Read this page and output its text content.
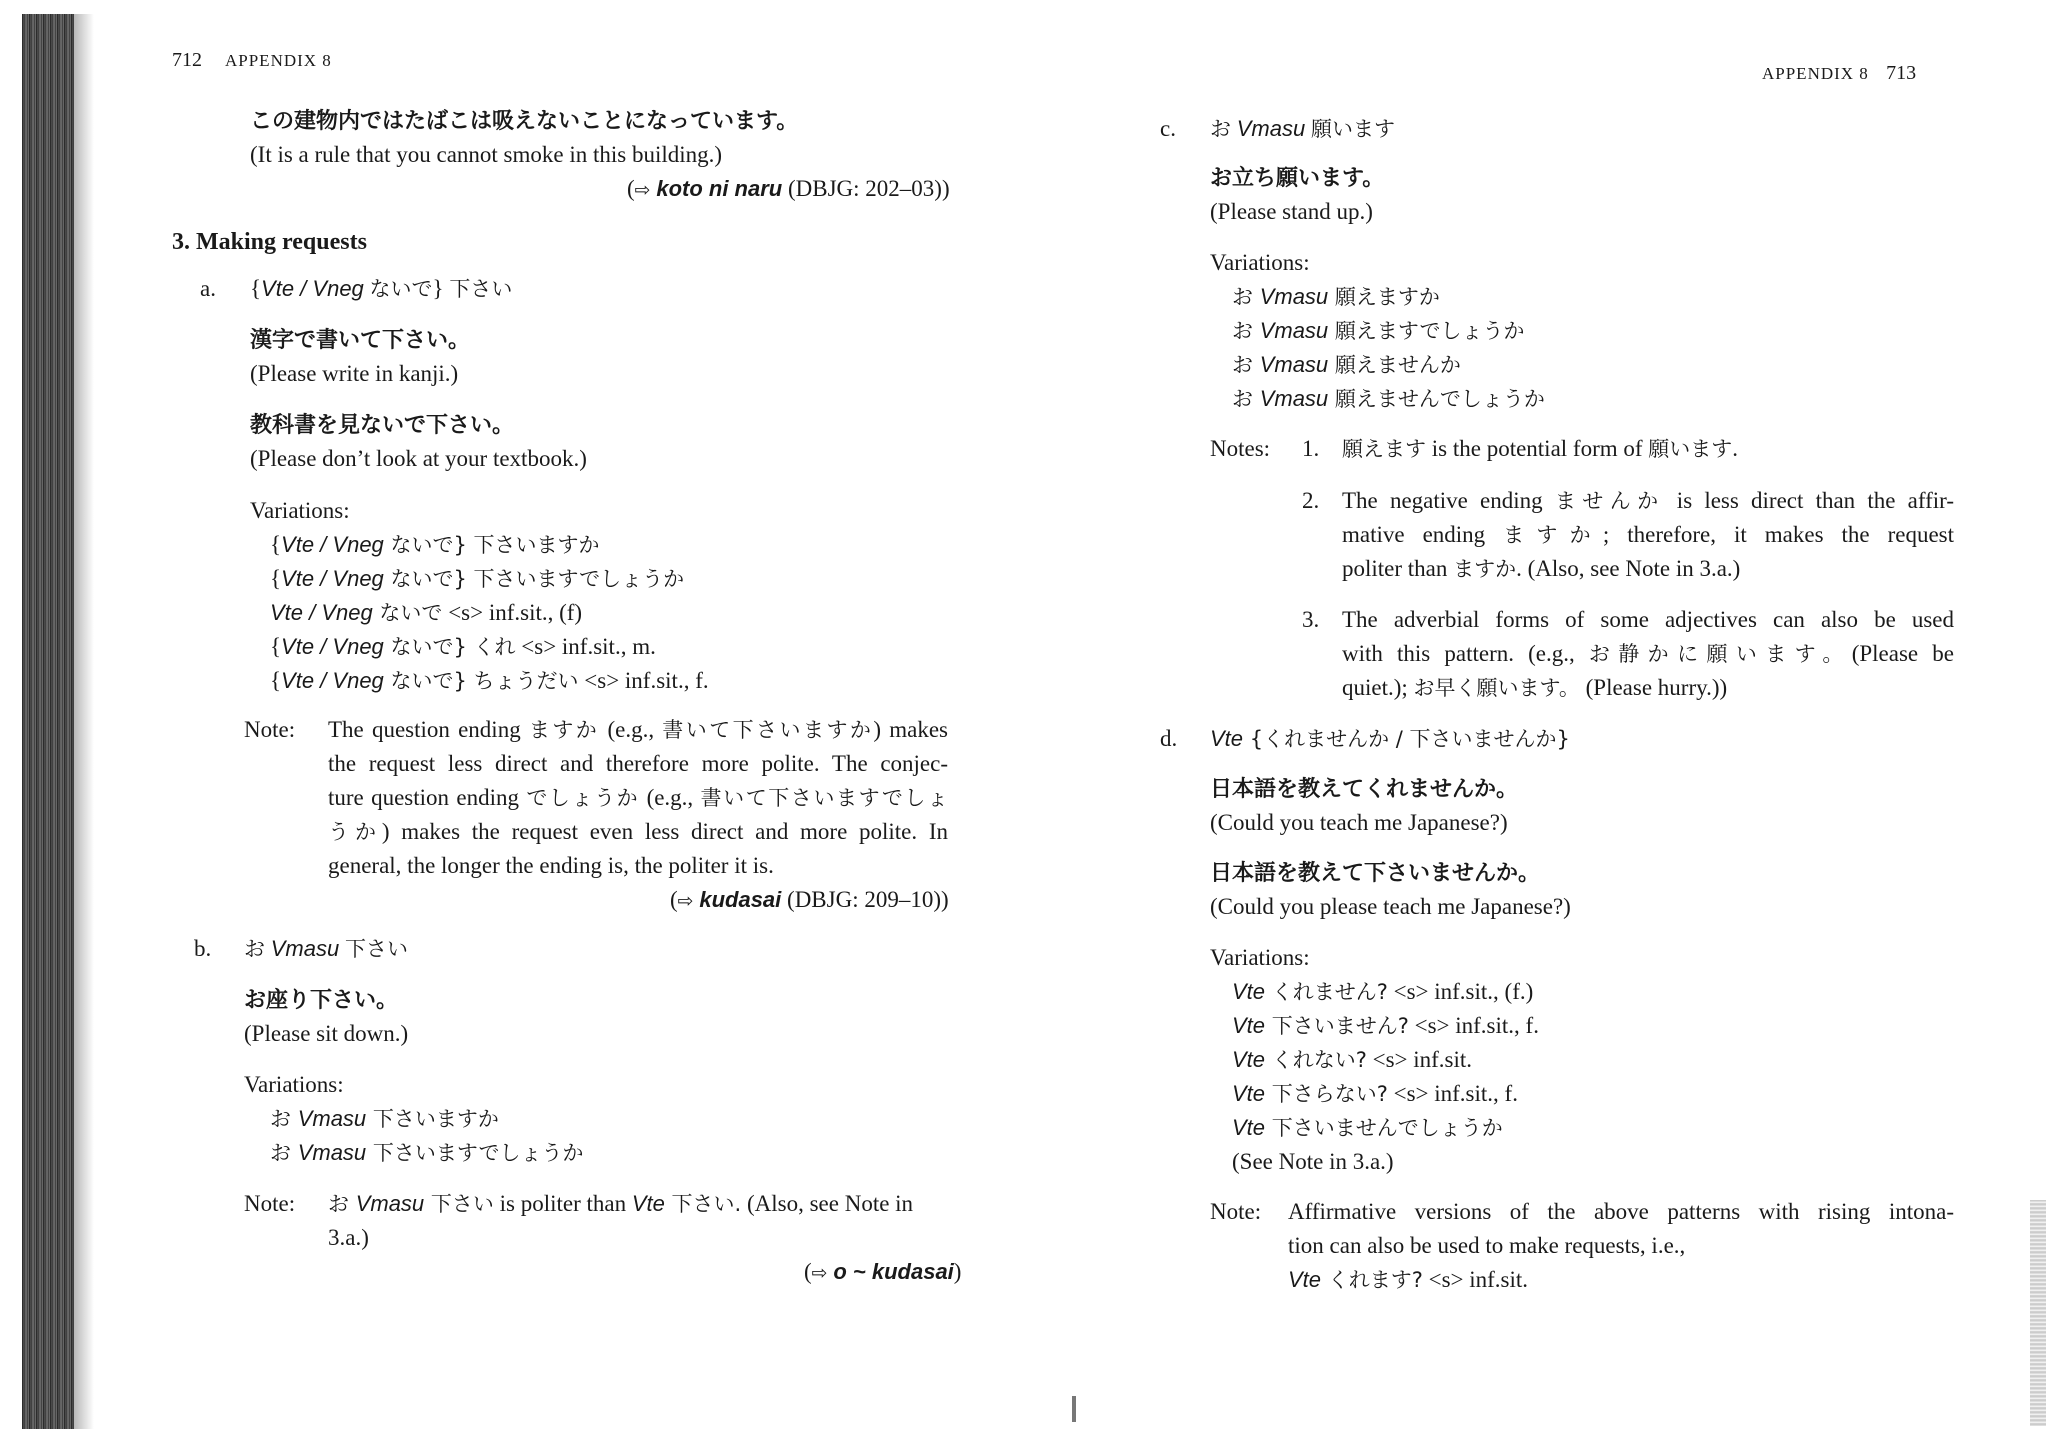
712 APPENDIX 8
この建物内ではたばこは吸えないことになっています。
(It is a rule that you cannot smoke in this building.)
(⇨ koto ni naru (DBJG: 202–03))
3. Making requests
a. {Vte / Vneg ないで} 下さい
漢字で書いて下さい。
(Please write in kanji.)
教科書を見ないで下さい。
(Please don’t look at your textbook.)
Variations:
{Vte / Vneg ないで} 下さいますか
{Vte / Vneg ないで} 下さいますでしょうか
Vte / Vneg ないで <s> inf.sit., (f)
{Vte / Vneg ないで} くれ <s> inf.sit., m.
{Vte / Vneg ないで} ちょうだい <s> inf.sit., f.
Note: The question ending ますか (e.g., 書いて下さいますか) makes
the request less direct and therefore more polite. The conjec-
ture question ending でしょうか (e.g., 書いて下さいますでしょ
うか) makes the request even less direct and more polite. In
general, the longer the ending is, the politer it is.
(⇨ kudasai (DBJG: 209–10))
b. お Vmasu 下さい
お座り下さい。
(Please sit down.)
Variations:
お Vmasu 下さいますか
お Vmasu 下さいますでしょうか
Note: お Vmasu 下さい is politer than Vte 下さい. (Also, see Note in
3.a.)
(⇨ o ~ kudasai)
APPENDIX 8 713
c. お Vmasu 願います
お立ち願います。
(Please stand up.)
Variations:
お Vmasu 願えますか
お Vmasu 願えますでしょうか
お Vmasu 願えませんか
お Vmasu 願えませんでしょうか
Notes: 1. 願えます is the potential form of 願います.
2. The negative ending ませんか is less direct than the affir-
mative ending ますか; therefore, it makes the request
politer than ますか. (Also, see Note in 3.a.)
3. The adverbial forms of some adjectives can also be used
with this pattern. (e.g., お静かに願います。(Please be
quiet.); お早く願います。 (Please hurry.))
d. Vte {くれませんか / 下さいませんか}
日本語を教えてくれませんか。
(Could you teach me Japanese?)
日本語を教えて下さいませんか。
(Could you please teach me Japanese?)
Variations:
Vte くれません? <s> inf.sit., (f.)
Vte 下さいません? <s> inf.sit., f.
Vte くれない? <s> inf.sit.
Vte 下さらない? <s> inf.sit., f.
Vte 下さいませんでしょうか
(See Note in 3.a.)
Note: Affirmative versions of the above patterns with rising intona-
tion can also be used to make requests, i.e.,
Vte くれます? <s> inf.sit.
